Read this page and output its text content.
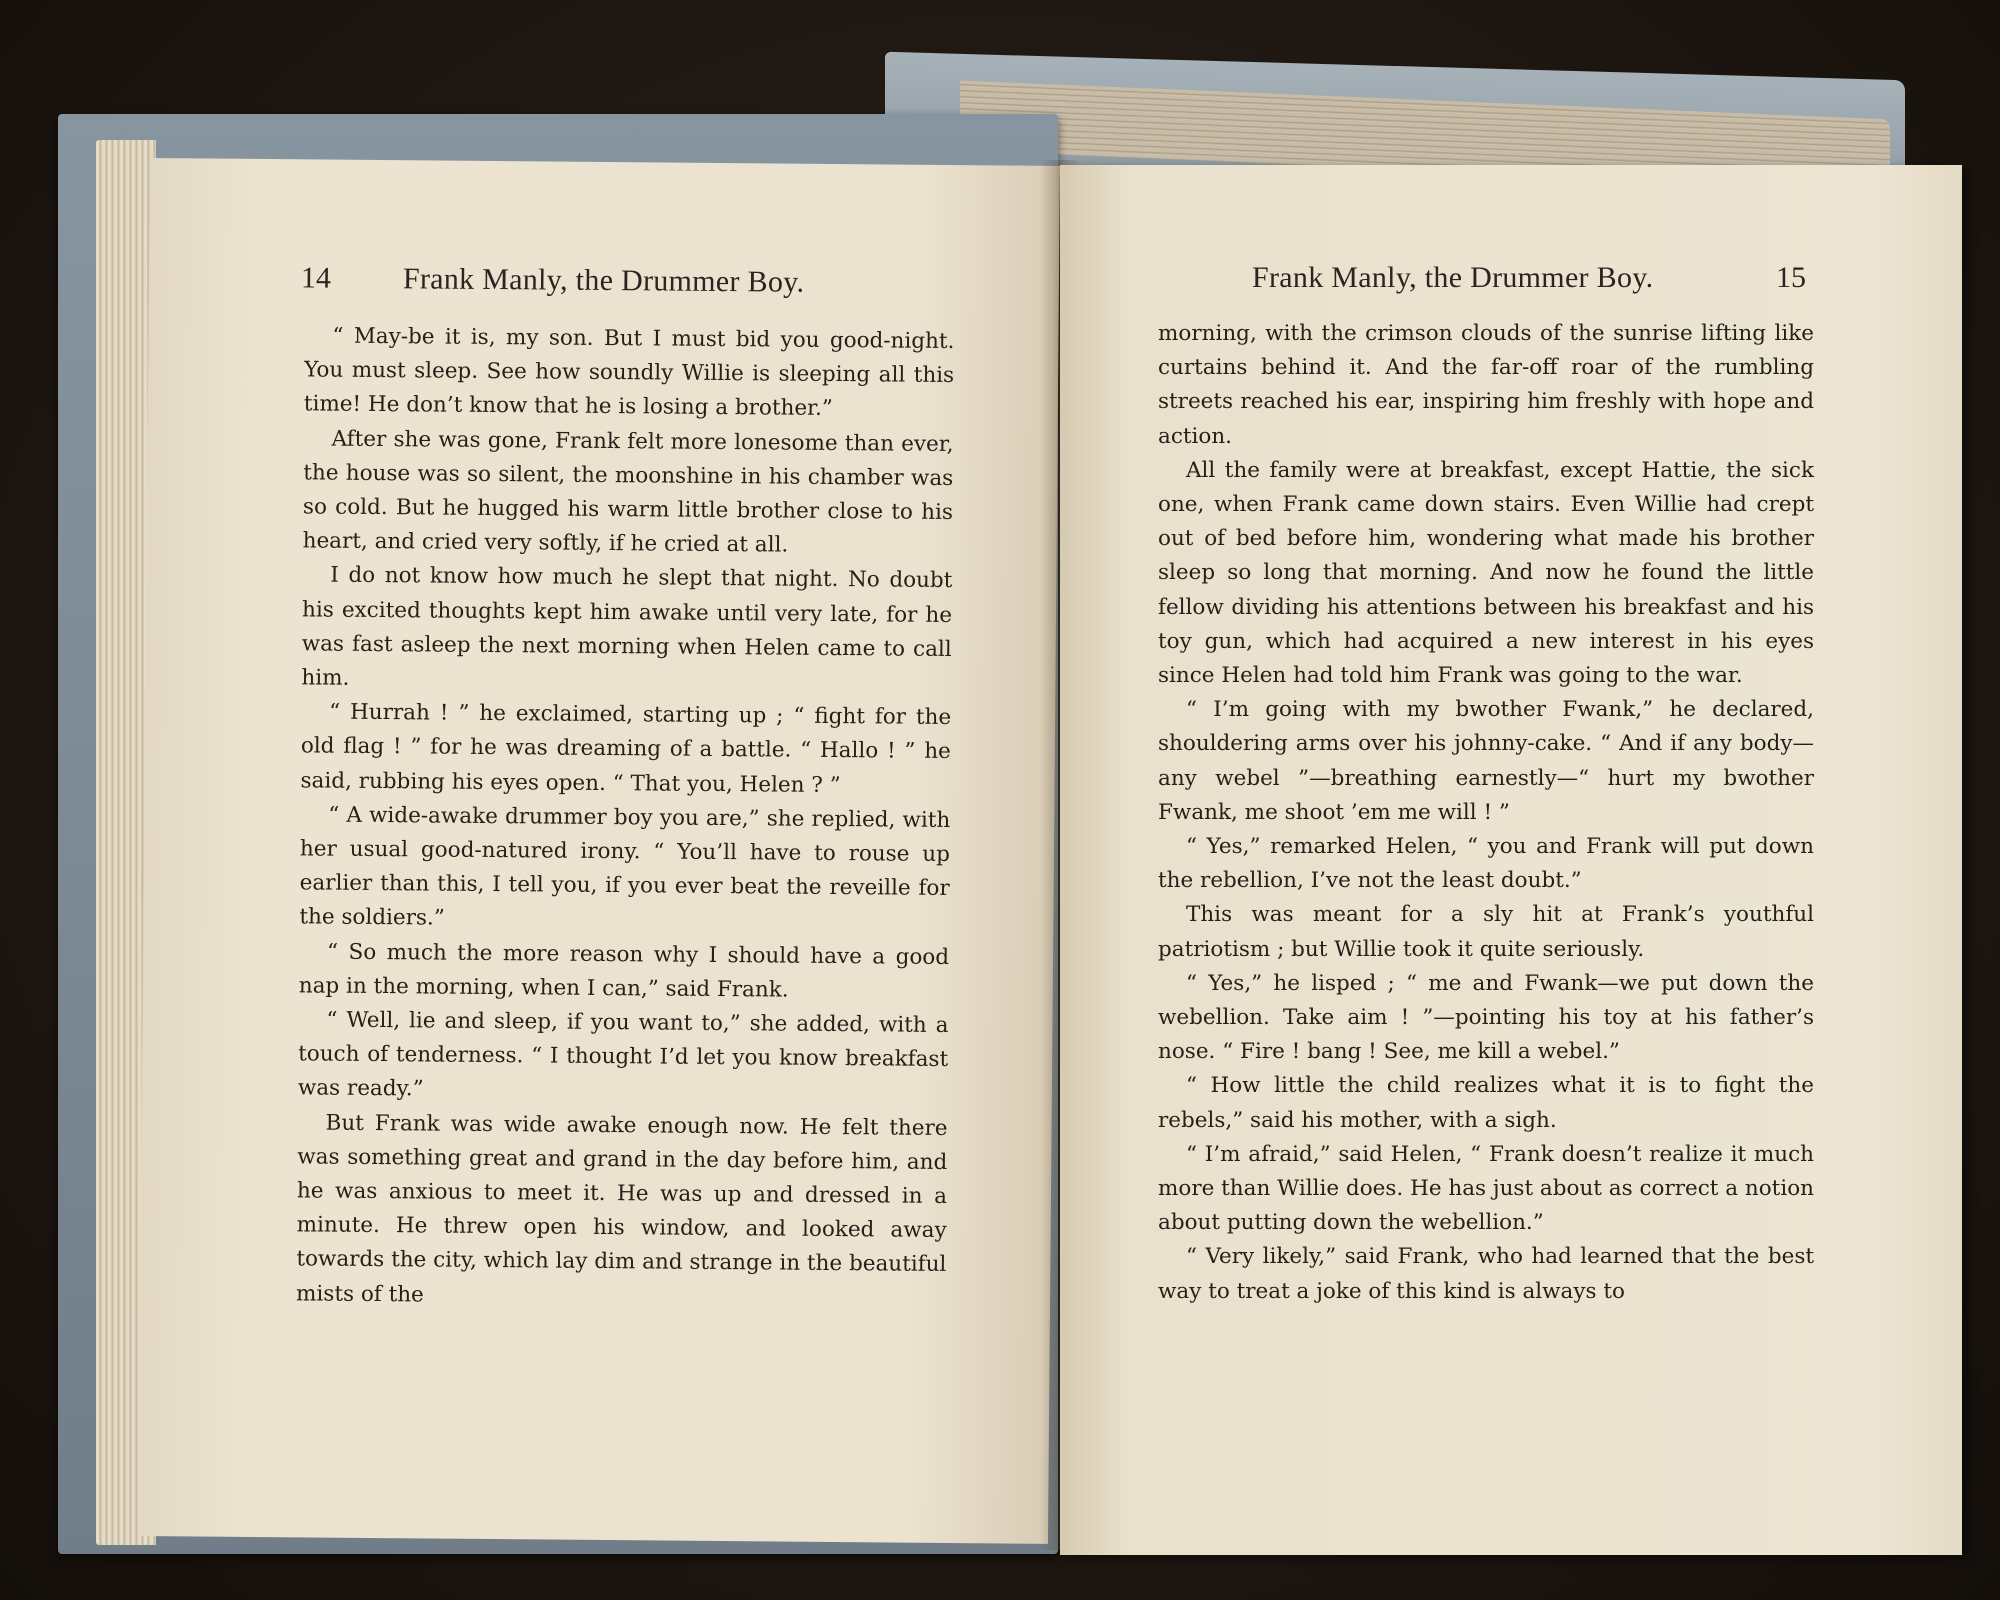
14 Frank Manly, the Drummer Boy.

“ May-be it is, my son. But I must bid you good-night. You must sleep. See how soundly Willie is sleeping all this time! He don’t know that he is losing a brother.”

After she was gone, Frank felt more lonesome than ever, the house was so silent, the moonshine in his chamber was so cold. But he hugged his warm little brother close to his heart, and cried very softly, if he cried at all.

I do not know how much he slept that night. No doubt his excited thoughts kept him awake until very late, for he was fast asleep the next morning when Helen came to call him.

“ Hurrah ! ” he exclaimed, starting up ; “ fight for the old flag ! ” for he was dreaming of a battle. “ Hallo ! ” he said, rubbing his eyes open. “ That you, Helen ? ”

“ A wide-awake drummer boy you are,” she replied, with her usual good-natured irony. “ You’ll have to rouse up earlier than this, I tell you, if you ever beat the reveille for the soldiers.”

“ So much the more reason why I should have a good nap in the morning, when I can,” said Frank.

“ Well, lie and sleep, if you want to,” she added, with a touch of tenderness. “ I thought I’d let you know breakfast was ready.”

But Frank was wide awake enough now. He felt there was something great and grand in the day before him, and he was anxious to meet it. He was up and dressed in a minute. He threw open his window, and looked away towards the city, which lay dim and strange in the beautiful mists of the

Frank Manly, the Drummer Boy.	15

morning, with the crimson clouds of the sunrise lifting like curtains behind it. And the far-off roar of the rumbling streets reached his ear, inspiring him freshly with hope and action.

All the family were at breakfast, except Hattie, the sick one, when Frank came down stairs. Even Willie had crept out of bed before him, wondering what made his brother sleep so long that morning. And now he found the little fellow dividing his attentions between his breakfast and his toy gun, which had acquired a new interest in his eyes since Helen had told him Frank was going to the war.

“ I’m going with my bwother Fwank,” he declared, shouldering arms over his johnny-cake. “ And if any body—any webel ”—breathing earnestly—“ hurt my bwother Fwank, me shoot ’em me will ! ”

“ Yes,” remarked Helen, “ you and Frank will put down the rebellion, I’ve not the least doubt.”

This was meant for a sly hit at Frank’s youthful patriotism ; but Willie took it quite seriously.

“ Yes,” he lisped ; “ me and Fwank—we put down the webellion. Take aim ! ”—pointing his toy at his father’s nose. “ Fire ! bang ! See, me kill a webel.”

“ How little the child realizes what it is to fight the rebels,” said his mother, with a sigh.

“ I’m afraid,” said Helen, “ Frank doesn’t realize it much more than Willie does. He has just about as correct a notion about putting down the webellion.”

“ Very likely,” said Frank, who had learned that the best way to treat a joke of this kind is always to
